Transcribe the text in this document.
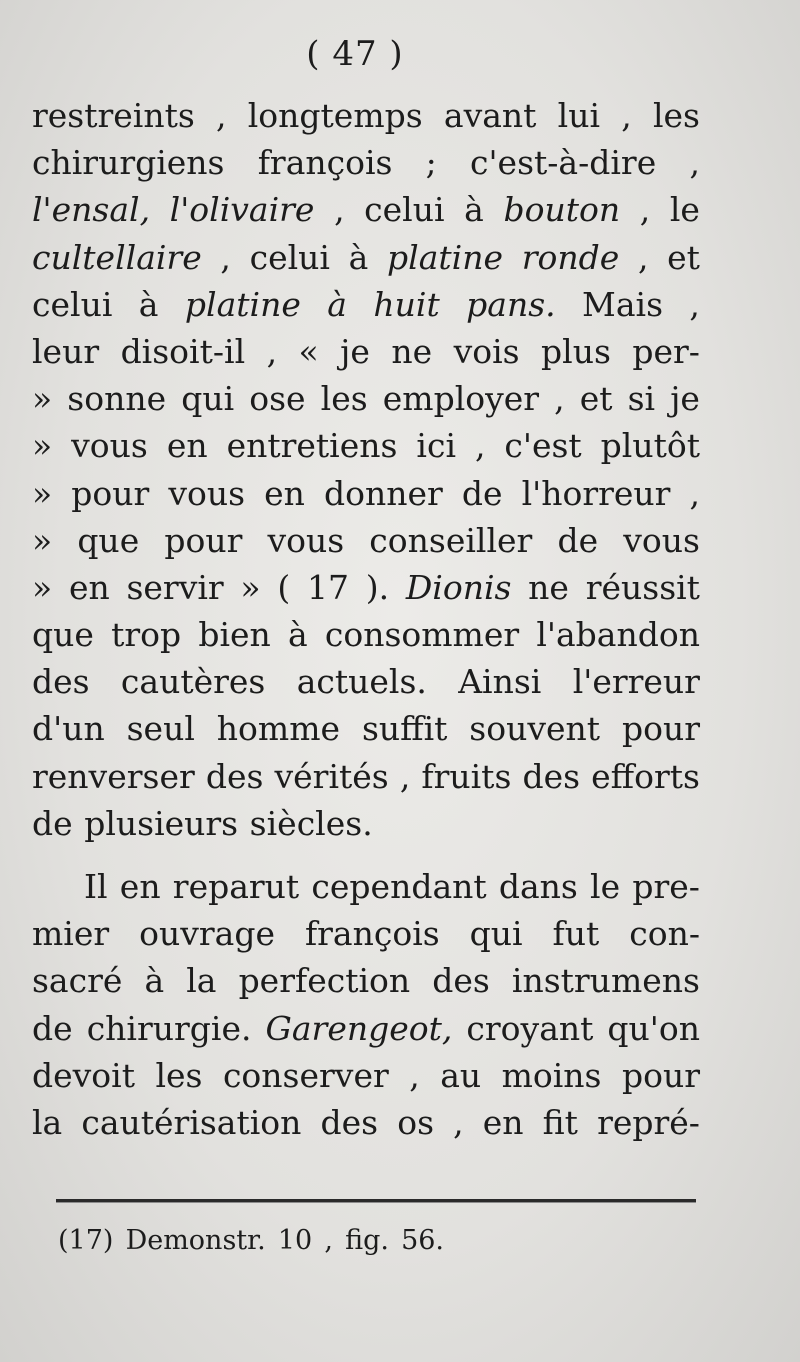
( 47 )
restreints , longtemps avant lui , les
chirurgiens françois ; c'est-à-dire ,
l'ensal, l'olivaire , celui à bouton , le
cultellaire , celui à platine ronde , et
celui à platine à huit pans. Mais ,
leur disoit-il , « je ne vois plus per-
» sonne qui ose les employer , et si je
» vous en entretiens ici , c'est plutôt
» pour vous en donner de l'horreur ,
» que pour vous conseiller de vous
» en servir » ( 17 ). Dionis ne réussit
que trop bien à consommer l'abandon
des cautères actuels. Ainsi l'erreur
d'un seul homme suffit souvent pour
renverser des vérités , fruits des efforts
de plusieurs siècles.
Il en reparut cependant dans le pre-
mier ouvrage françois qui fut con-
sacré à la perfection des instrumens
de chirurgie. Garengeot, croyant qu'on
devoit les conserver , au moins pour
la cautérisation des os , en fit repré-
(17) Demonstr. 10 , fig. 56.
